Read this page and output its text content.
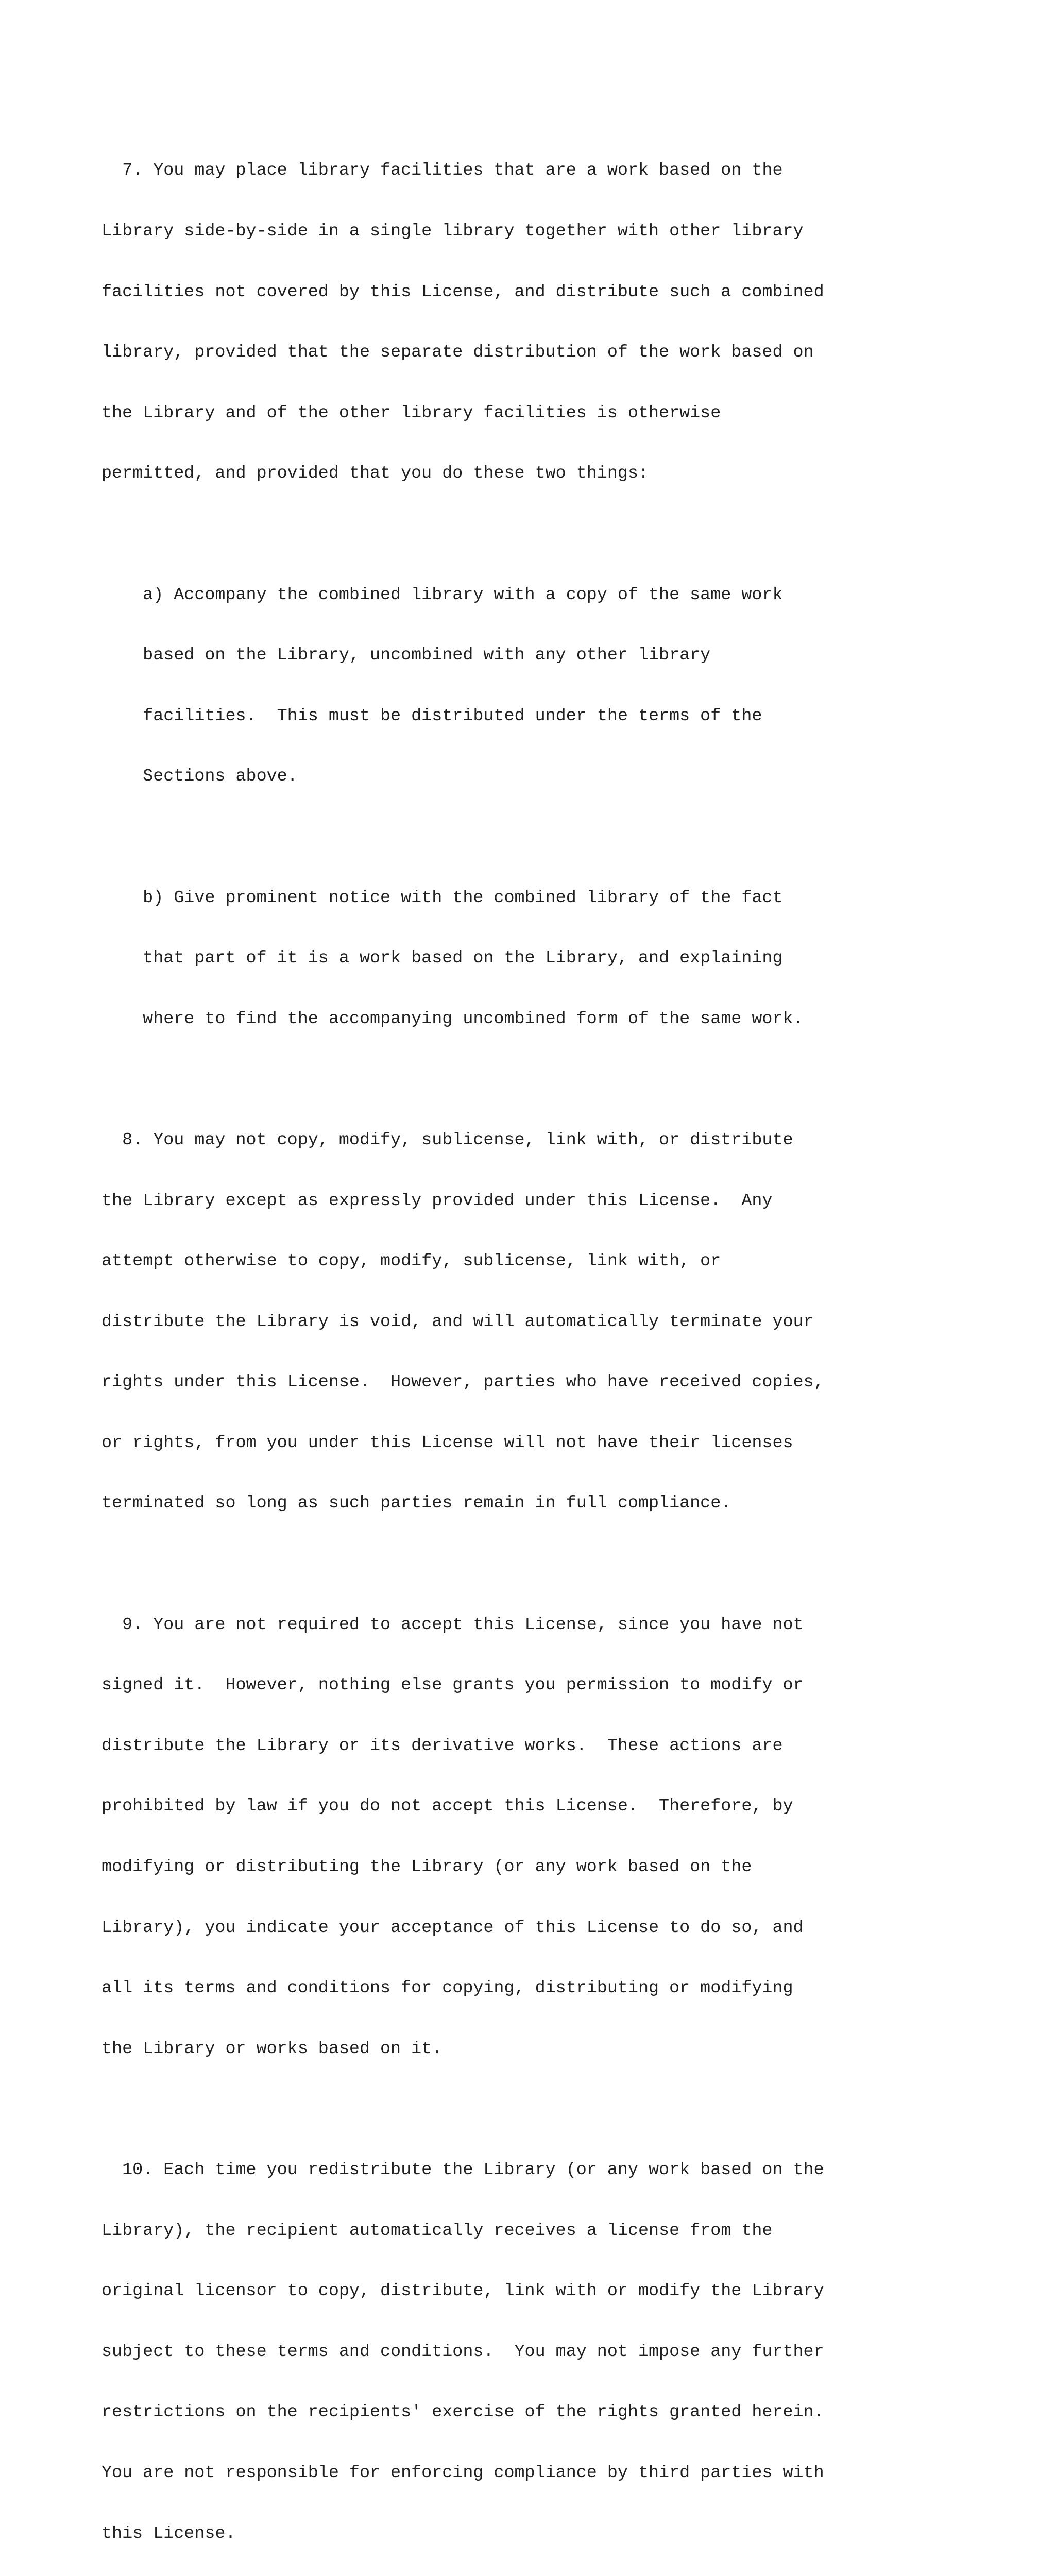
7. You may place library facilities that are a work based on the

Library side-by-side in a single library together with other library

facilities not covered by this License, and distribute such a combined

library, provided that the separate distribution of the work based on

the Library and of the other library facilities is otherwise

permitted, and provided that you do these two things:

a) Accompany the combined library with a copy of the same work

based on the Library, uncombined with any other library

facilities.  This must be distributed under the terms of the

Sections above.

b) Give prominent notice with the combined library of the fact

that part of it is a work based on the Library, and explaining

where to find the accompanying uncombined form of the same work.

8. You may not copy, modify, sublicense, link with, or distribute

the Library except as expressly provided under this License.  Any

attempt otherwise to copy, modify, sublicense, link with, or

distribute the Library is void, and will automatically terminate your

rights under this License.  However, parties who have received copies,

or rights, from you under this License will not have their licenses

terminated so long as such parties remain in full compliance.

9. You are not required to accept this License, since you have not

signed it.  However, nothing else grants you permission to modify or

distribute the Library or its derivative works.  These actions are

prohibited by law if you do not accept this License.  Therefore, by

modifying or distributing the Library (or any work based on the

Library), you indicate your acceptance of this License to do so, and

all its terms and conditions for copying, distributing or modifying

the Library or works based on it.

10. Each time you redistribute the Library (or any work based on the

Library), the recipient automatically receives a license from the

original licensor to copy, distribute, link with or modify the Library

subject to these terms and conditions.  You may not impose any further

restrictions on the recipients' exercise of the rights granted herein.

You are not responsible for enforcing compliance by third parties with

this License.
